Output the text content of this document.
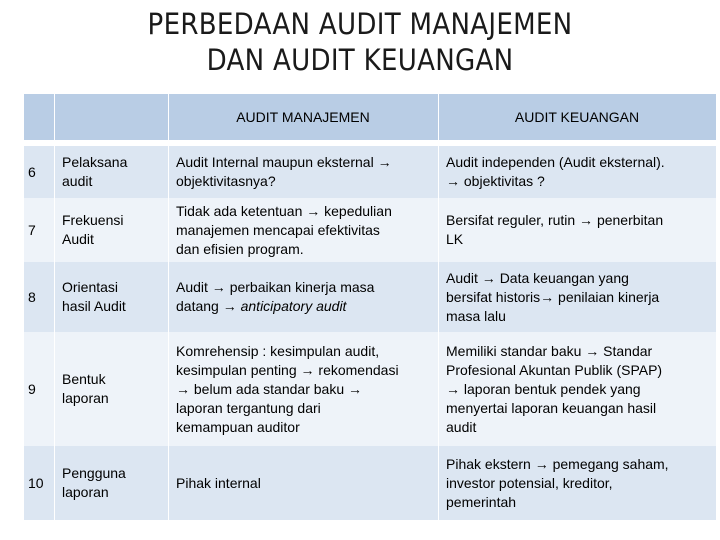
PERBEDAAN AUDIT MANAJEMEN
DAN AUDIT KEUANGAN
AUDIT MANAJEMEN	AUDIT KEUANGAN
6
Pelaksana
audit
Audit Internal maupun eksternal →
objektivitasnya?
Audit independen (Audit eksternal).
→ objektivitas ?
7
Frekuensi
Audit
Tidak ada ketentuan → kepedulian
manajemen mencapai efektivitas
dan efisien program.
Bersifat reguler, rutin → penerbitan
LK
8
Orientasi
hasil Audit
Audit → perbaikan kinerja masa
datang → anticipatory audit
Audit → Data keuangan yang
bersifat historis→ penilaian kinerja
masa lalu
9
Bentuk
laporan
Komrehensip : kesimpulan audit,
kesimpulan penting → rekomendasi
→ belum ada standar baku →
laporan tergantung dari
kemampuan auditor
Memiliki standar baku → Standar
Profesional Akuntan Publik (SPAP)
→ laporan bentuk pendek yang
menyertai laporan keuangan hasil
audit
10
Pengguna
laporan
Pihak internal
Pihak ekstern → pemegang saham,
investor potensial, kreditor,
pemerintah
